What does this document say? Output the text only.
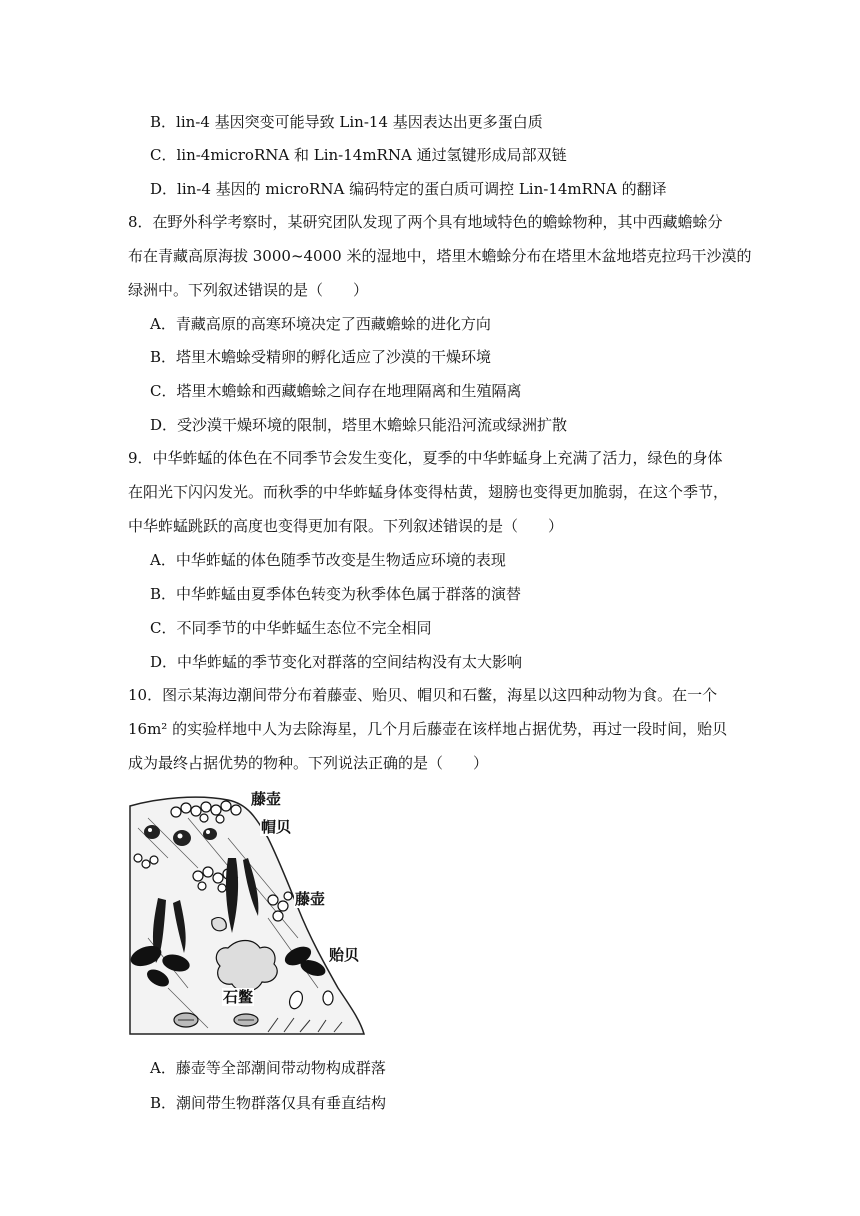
B．lin-4 基因突变可能导致 Lin-14 基因表达出更多蛋白质
C．lin-4microRNA 和 Lin-14mRNA 通过氢键形成局部双链
D．lin-4 基因的 microRNA 编码特定的蛋白质可调控 Lin-14mRNA 的翻译
8．在野外科学考察时，某研究团队发现了两个具有地域特色的蟾蜍物种，其中西藏蟾蜍分
布在青藏高原海拔 3000~4000 米的湿地中，塔里木蟾蜍分布在塔里木盆地塔克拉玛干沙漠的
绿洲中。下列叙述错误的是（　　）
A．青藏高原的高寒环境决定了西藏蟾蜍的进化方向
B．塔里木蟾蜍受精卵的孵化适应了沙漠的干燥环境
C．塔里木蟾蜍和西藏蟾蜍之间存在地理隔离和生殖隔离
D．受沙漠干燥环境的限制，塔里木蟾蜍只能沿河流或绿洲扩散
9．中华蚱蜢的体色在不同季节会发生变化，夏季的中华蚱蜢身上充满了活力，绿色的身体
在阳光下闪闪发光。而秋季的中华蚱蜢身体变得枯黄，翅膀也变得更加脆弱，在这个季节，
中华蚱蜢跳跃的高度也变得更加有限。下列叙述错误的是（　　）
A．中华蚱蜢的体色随季节改变是生物适应环境的表现
B．中华蚱蜢由夏季体色转变为秋季体色属于群落的演替
C．不同季节的中华蚱蜢生态位不完全相同
D．中华蚱蜢的季节变化对群落的空间结构没有太大影响
10．图示某海边潮间带分布着藤壶、贻贝、帽贝和石鳖，海星以这四种动物为食。在一个
16m² 的实验样地中人为去除海星，几个月后藤壶在该样地占据优势，再过一段时间，贻贝
成为最终占据优势的物种。下列说法正确的是（　　）
藤壶
帽贝
藤壶
贻贝
石鳖
A．藤壶等全部潮间带动物构成群落
B．潮间带生物群落仅具有垂直结构
